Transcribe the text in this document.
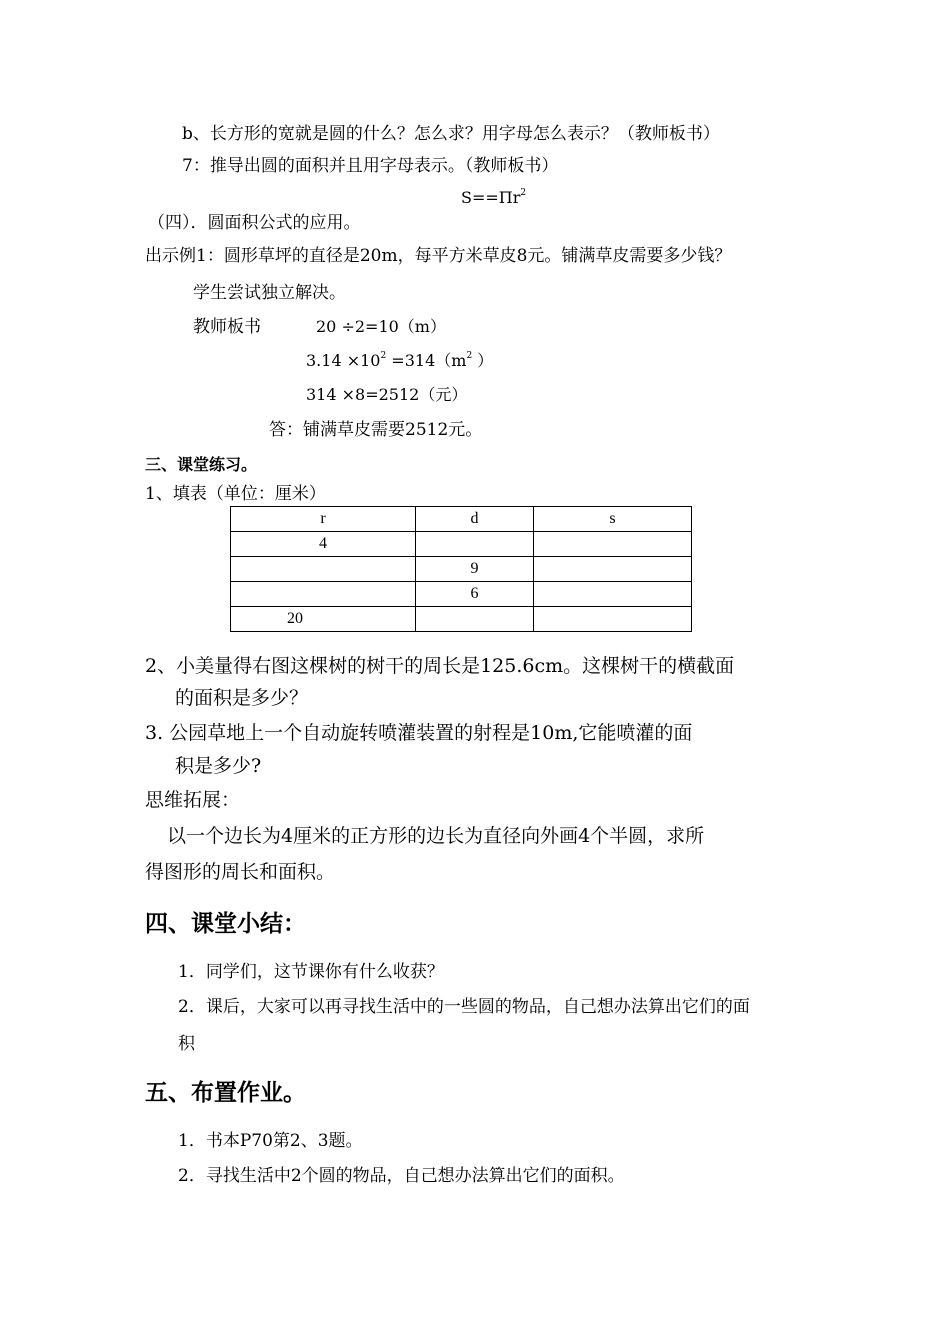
b、长方形的宽就是圆的什么？怎么求？用字母怎么表示？（教师板书）
7：推导出圆的面积并且用字母表示。（教师板书）
$S==\Pi r^2$
（四）．圆面积公式的应用。
出示例1：圆形草坪的直径是20m，每平方米草皮8元。铺满草皮需要多少钱？
学生尝试独立解决。
教师板书	20 ÷2=10（m）
$3.14 \times 10^2 =314(m^2$ ）
314 ×8=2512（元）
答：铺满草皮需要2512元。
三、课堂练习。
1、填表（单位：厘米）
r	d	s
4		
	9	
	6	
20		
2、小美量得右图这棵树的树干的周长是125.6cm。这棵树干的横截面
的面积是多少？
3. 公园草地上一个自动旋转喷灌装置的射程是10m,它能喷灌的面
积是多少?
思维拓展：
以一个边长为4厘米的正方形的边长为直径向外画4个半圆，求所
得图形的周长和面积。
四、课堂小结：
1．同学们，这节课你有什么收获？
2．课后，大家可以再寻找生活中的一些圆的物品，自己想办法算出它们的面
积
五、布置作业。
1．书本P70第2、3题。
2．寻找生活中2个圆的物品，自己想办法算出它们的面积。
